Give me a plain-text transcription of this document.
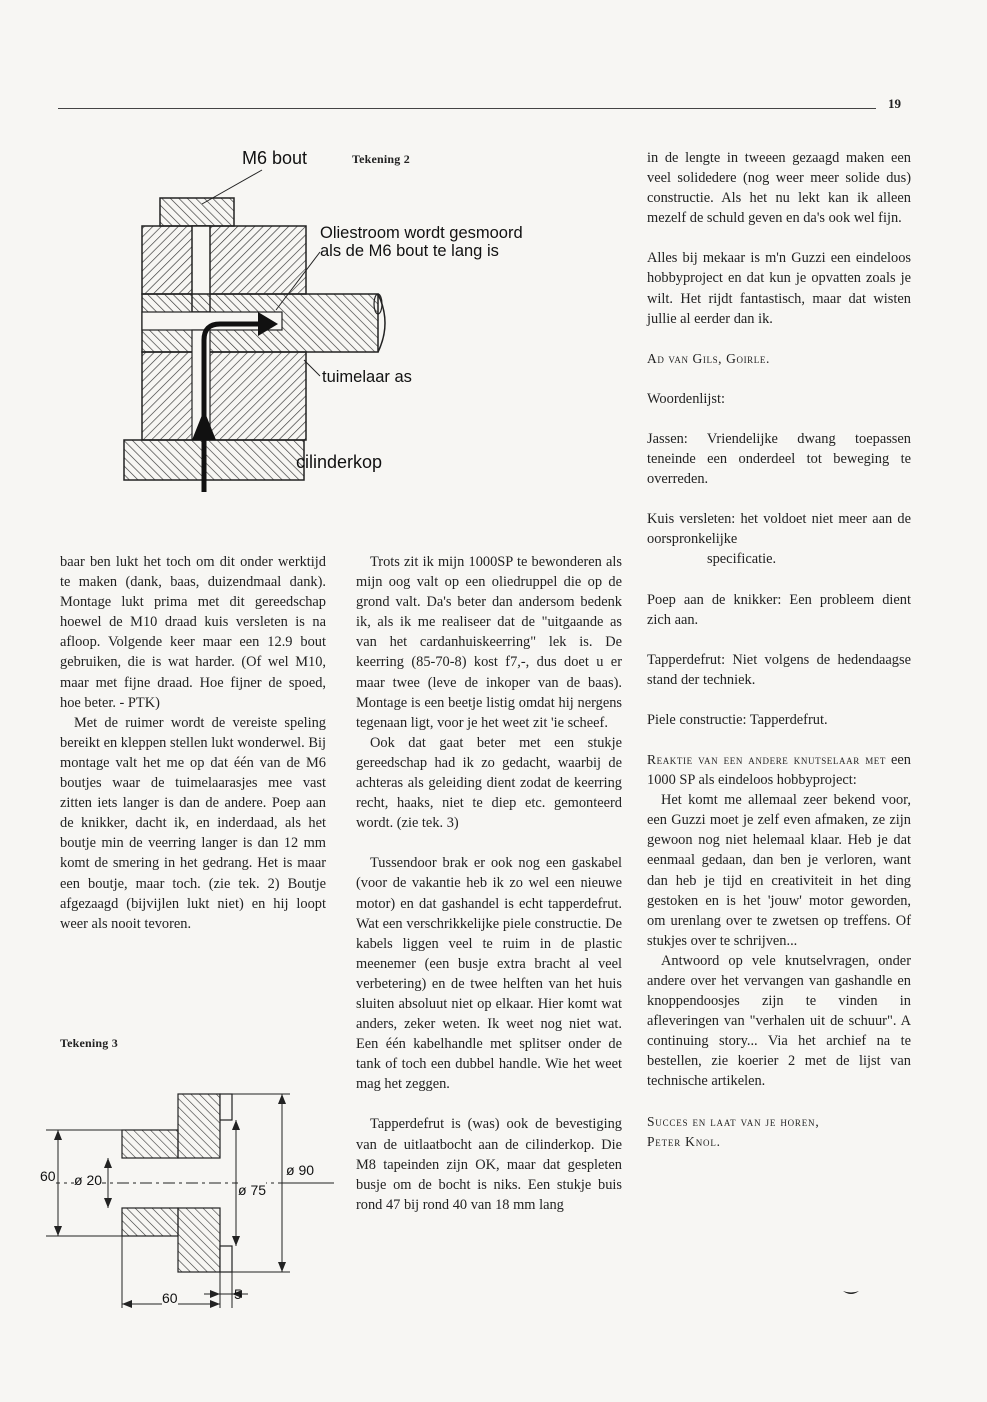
19
M6 bout
Oliestroom wordt gesmoord
als de M6 bout te lang is
tuimelaar as
cilinderkop
Tekening 2

baar ben lukt het toch om dit onder werktijd te maken (dank, baas, duizendmaal dank). Montage lukt prima met dit gereedschap hoewel de M10 draad kuis versleten is na afloop. Volgende keer maar een 12.9 bout gebruiken, die is wat harder. (Of wel M10, maar met fijne draad. Hoe fijner de spoed, hoe beter. - PTK)

Met de ruimer wordt de vereiste speling bereikt en kleppen stellen lukt wonderwel. Bij montage valt het me op dat één van de M6 boutjes waar de tuimelaarasjes mee vast zitten iets langer is dan de andere. Poep aan de knikker, dacht ik, en inderdaad, als het boutje min de veerring langer is dan 12 mm komt de smering in het gedrang. Het is maar een boutje, maar toch. (zie tek. 2) Boutje afgezaagd (bijvijlen lukt niet) en hij loopt weer als nooit tevoren.

Tekening 3
60 ø 20
ø 75
ø 90
60	5

Trots zit ik mijn 1000SP te bewonderen als mijn oog valt op een oliedruppel die op de grond valt. Da's beter dan andersom bedenk ik, als ik me realiseer dat de "uitgaande as van het cardanhuiskeerring" lek is. De keerring (85-70-8) kost f7,-, dus doet u er maar twee (leve de inkoper van de baas). Montage is een beetje listig omdat hij nergens tegenaan ligt, voor je het weet zit 'ie scheef.

Ook dat gaat beter met een stukje gereedschap had ik zo gedacht, waarbij de achteras als geleiding dient zodat de keerring recht, haaks, niet te diep etc. gemonteerd wordt. (zie tek. 3)

Tussendoor brak er ook nog een gaskabel (voor de vakantie heb ik zo wel een nieuwe motor) en dat gashandel is echt tapperdefrut. Wat een verschrikkelijke piele constructie. De kabels liggen veel te ruim in de plastic meenemer (een busje extra bracht al veel verbetering) en de twee helften van het huis sluiten absoluut niet op elkaar. Hier komt wat anders, zeker weten. Ik weet nog niet wat. Een één kabelhandle met splitser onder de tank of toch een dubbel handle. Wie het weet mag het zeggen.

Tapperdefrut is (was) ook de bevestiging van de uitlaatbocht aan de cilinderkop. Die M8 tapeinden zijn OK, maar dat gespleten busje om de bocht is niks. Een stukje buis rond 47 bij rond 40 van 18 mm lang

in de lengte in tweeen gezaagd maken een veel solidedere (nog weer meer solide dus) constructie. Als het nu lekt kan ik alleen mezelf de schuld geven en da's ook wel fijn.

Alles bij mekaar is m'n Guzzi een eindeloos hobbyproject en dat kun je opvatten zoals je wilt. Het rijdt fantastisch, maar dat wisten jullie al eerder dan ik.

Ad van Gils, Goirle.

Woordenlijst:

Jassen: Vriendelijke dwang toepassen teneinde een onderdeel tot beweging te overreden.

Kuis versleten: het voldoet niet meer aan de oorspronkelijke
specificatie.

Poep aan de knikker: Een probleem dient zich aan.

Tapperdefrut: Niet volgens de hedendaagse stand der techniek.

Piele constructie: Tapperdefrut.

Reaktie van een andere knutselaar met een 1000 SP als eindeloos hobbyproject:

Het komt me allemaal zeer bekend voor, een Guzzi moet je zelf even afmaken, ze zijn gewoon nog niet helemaal klaar. Heb je dat eenmaal gedaan, dan ben je verloren, want dan heb je tijd en creativiteit in het ding gestoken en is het 'jouw' motor geworden, om urenlang over te zwetsen op treffens. Of stukjes over te schrijven...

Antwoord op vele knutselvragen, onder andere over het vervangen van gashandle en knoppendoosjes zijn te vinden in afleveringen van "verhalen uit de schuur". A continuing story... Via het archief na te bestellen, zie koerier 2 met de lijst van technische artikelen.

Succes en laat van je horen,

Peter Knol.
